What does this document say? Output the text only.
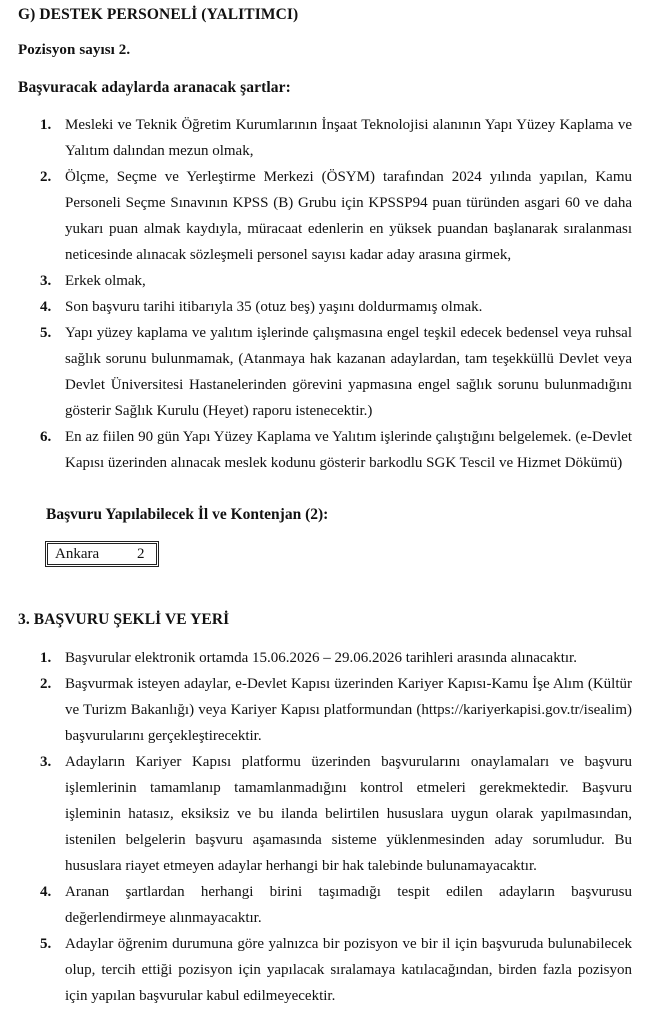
G) DESTEK PERSONELİ (YALITIMCI)
Pozisyon sayısı 2.
Başvuracak adaylarda aranacak şartlar:
1. Mesleki ve Teknik Öğretim Kurumlarının İnşaat Teknolojisi alanının Yapı Yüzey Kaplama ve Yalıtım dalından mezun olmak,
2. Ölçme, Seçme ve Yerleştirme Merkezi (ÖSYM) tarafından 2024 yılında yapılan, Kamu Personeli Seçme Sınavının KPSS (B) Grubu için KPSSP94 puan türünden asgari 60 ve daha yukarı puan almak kaydıyla, müracaat edenlerin en yüksek puandan başlanarak sıralanması neticesinde alınacak sözleşmeli personel sayısı kadar aday arasına girmek,
3. Erkek olmak,
4. Son başvuru tarihi itibarıyla 35 (otuz beş) yaşını doldurmamış olmak.
5. Yapı yüzey kaplama ve yalıtım işlerinde çalışmasına engel teşkil edecek bedensel veya ruhsal sağlık sorunu bulunmamak, (Atanmaya hak kazanan adaylardan, tam teşekküllü Devlet veya Devlet Üniversitesi Hastanelerinden görevini yapmasına engel sağlık sorunu bulunmadığını gösterir Sağlık Kurulu (Heyet) raporu istenecektir.)
6. En az fiilen 90 gün Yapı Yüzey Kaplama ve Yalıtım işlerinde çalıştığını belgelemek. (e-Devlet Kapısı üzerinden alınacak meslek kodunu gösterir barkodlu SGK Tescil ve Hizmet Dökümü)
Başvuru Yapılabilecek İl ve Kontenjan (2):
Ankara	2
3. BAŞVURU ŞEKLİ VE YERİ
1. Başvurular elektronik ortamda 15.06.2026 – 29.06.2026 tarihleri arasında alınacaktır.
2. Başvurmak isteyen adaylar, e-Devlet Kapısı üzerinden Kariyer Kapısı-Kamu İşe Alım (Kültür ve Turizm Bakanlığı) veya Kariyer Kapısı platformundan (https://kariyerkapisi.gov.tr/isealim) başvurularını gerçekleştirecektir.
3. Adayların Kariyer Kapısı platformu üzerinden başvurularını onaylamaları ve başvuru işlemlerinin tamamlanıp tamamlanmadığını kontrol etmeleri gerekmektedir. Başvuru işleminin hatasız, eksiksiz ve bu ilanda belirtilen hususlara uygun olarak yapılmasından, istenilen belgelerin başvuru aşamasında sisteme yüklenmesinden aday sorumludur. Bu hususlara riayet etmeyen adaylar herhangi bir hak talebinde bulunamayacaktır.
4. Aranan şartlardan herhangi birini taşımadığı tespit edilen adayların başvurusu değerlendirmeye alınmayacaktır.
5. Adaylar öğrenim durumuna göre yalnızca bir pozisyon ve bir il için başvuruda bulunabilecek olup, tercih ettiği pozisyon için yapılacak sıralamaya katılacağından, birden fazla pozisyon için yapılan başvurular kabul edilmeyecektir.
